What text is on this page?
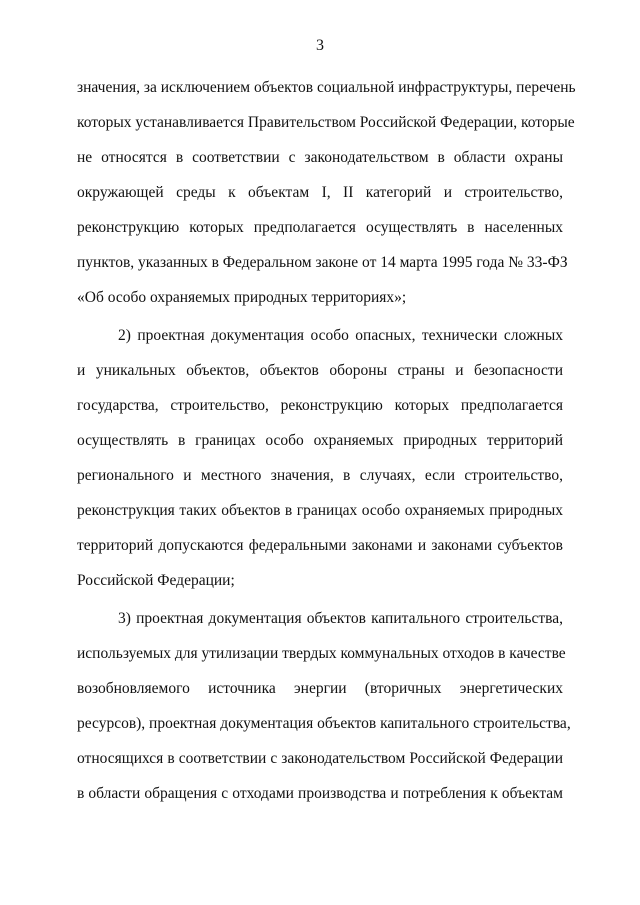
3
значения, за исключением объектов социальной инфраструктуры, перечень
которых устанавливается Правительством Российской Федерации, которые
не относятся в соответствии с законодательством в области охраны
окружающей среды к объектам I, II категорий и строительство,
реконструкцию которых предполагается осуществлять в населенных
пунктов, указанных в Федеральном законе от 14 марта 1995 года № 33-ФЗ
«Об особо охраняемых природных территориях»;
2) проектная документация особо опасных, технически сложных
и уникальных объектов, объектов обороны страны и безопасности
государства, строительство, реконструкцию которых предполагается
осуществлять в границах особо охраняемых природных территорий
регионального и местного значения, в случаях, если строительство,
реконструкция таких объектов в границах особо охраняемых природных
территорий допускаются федеральными законами и законами субъектов
Российской Федерации;
3) проектная документация объектов капитального строительства,
используемых для утилизации твердых коммунальных отходов в качестве
возобновляемого источника энергии (вторичных энергетических
ресурсов), проектная документация объектов капитального строительства,
относящихся в соответствии с законодательством Российской Федерации
в области обращения с отходами производства и потребления к объектам
